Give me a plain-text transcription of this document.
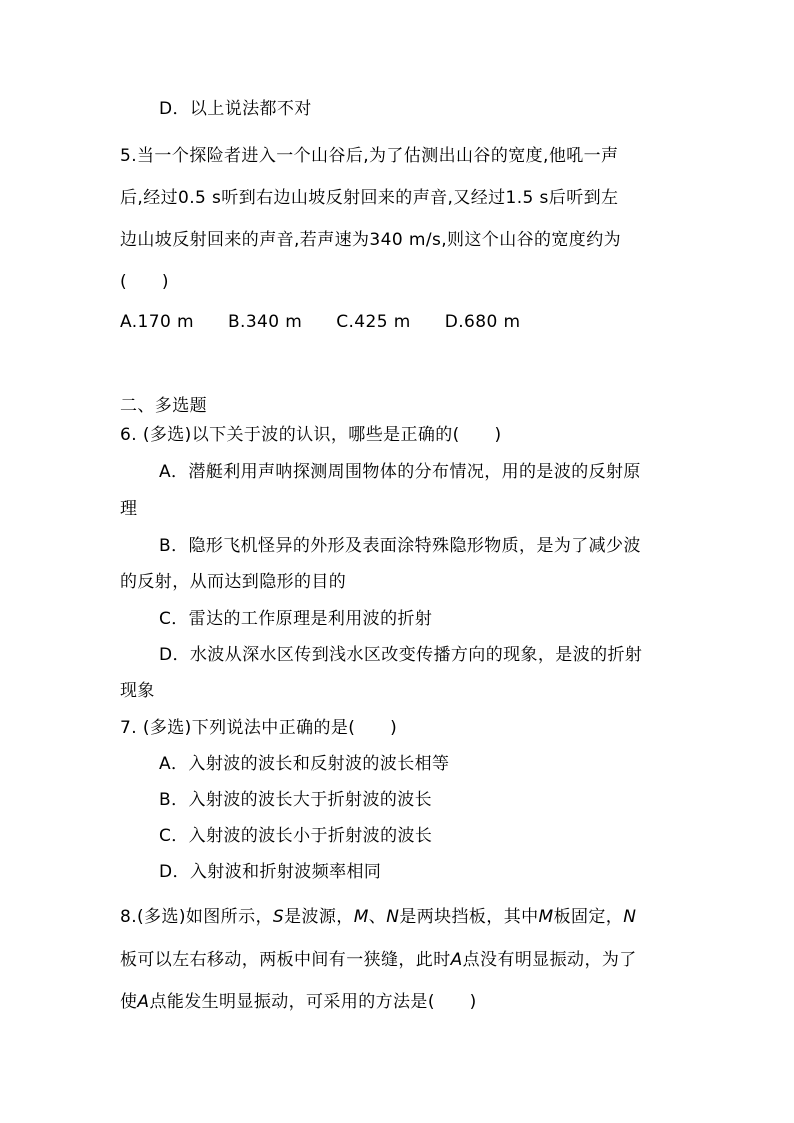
D．以上说法都不对
5.当一个探险者进入一个山谷后,为了估测出山谷的宽度,他吼一声
后,经过0.5 s听到右边山坡反射回来的声音,又经过1.5 s后听到左
边山坡反射回来的声音,若声速为340 m/s,则这个山谷的宽度约为
(　　)
A.170 m B.340 m C.425 m D.680 m
二、多选题
6. (多选)以下关于波的认识，哪些是正确的(　　)
A．潜艇利用声呐探测周围物体的分布情况，用的是波的反射原
理
B．隐形飞机怪异的外形及表面涂特殊隐形物质，是为了减少波
的反射，从而达到隐形的目的
C．雷达的工作原理是利用波的折射
D．水波从深水区传到浅水区改变传播方向的现象，是波的折射
现象
7. (多选)下列说法中正确的是(　　)
A．入射波的波长和反射波的波长相等
B．入射波的波长大于折射波的波长
C．入射波的波长小于折射波的波长
D．入射波和折射波频率相同
8.(多选)如图所示，S是波源，M、N是两块挡板，其中M板固定，N
板可以左右移动，两板中间有一狭缝，此时A点没有明显振动，为了
使A点能发生明显振动，可采用的方法是(　　)
